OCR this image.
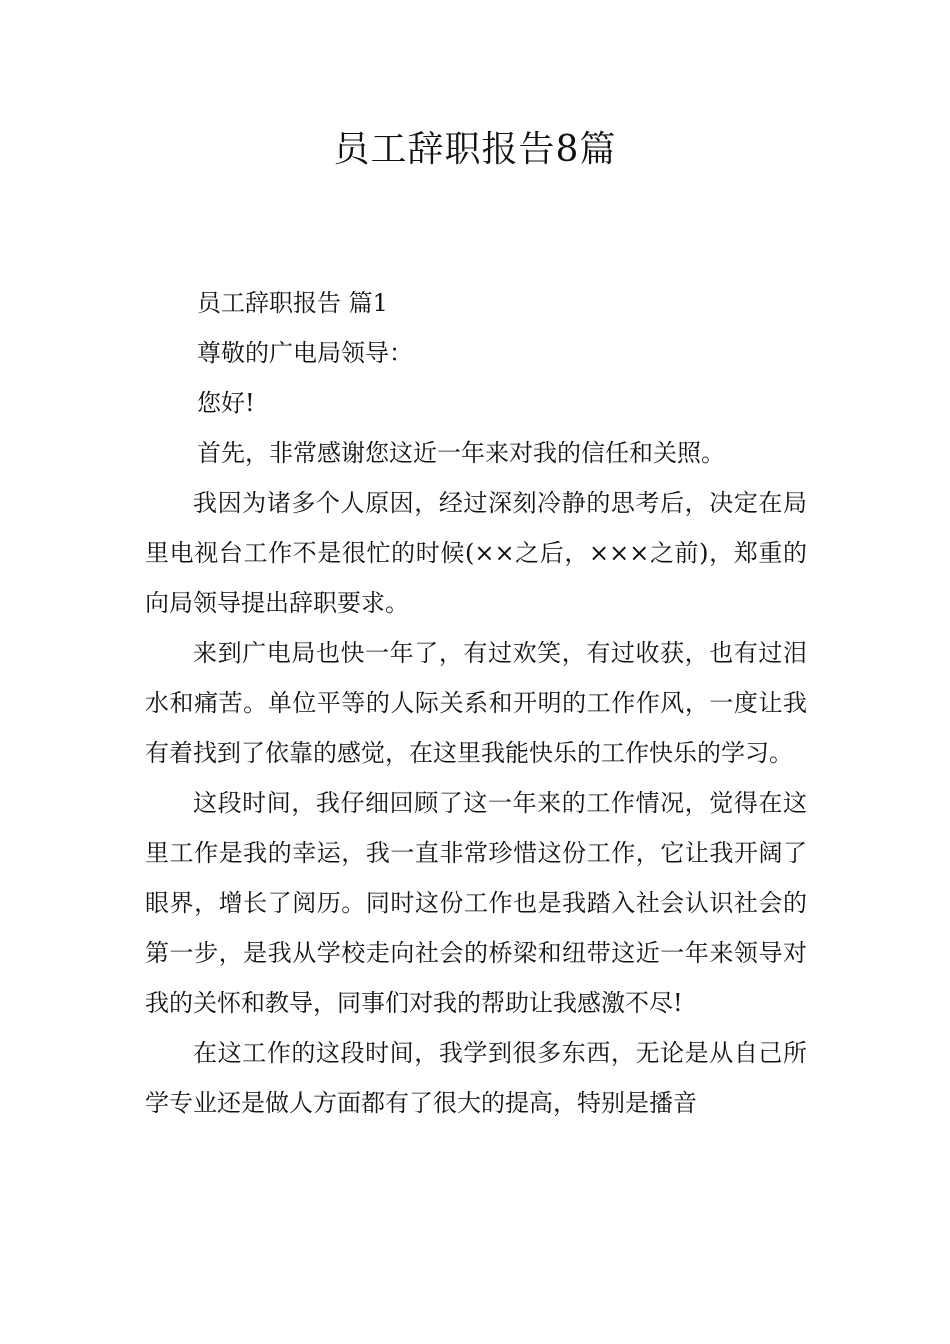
员工辞职报告8篇

员工辞职报告 篇1

尊敬的广电局领导：

您好!

首先，非常感谢您这近一年来对我的信任和关照。

我因为诸多个人原因，经过深刻冷静的思考后，决定在局里电视台工作不是很忙的时候(××之后，×××之前)，郑重的向局领导提出辞职要求。

来到广电局也快一年了，有过欢笑，有过收获，也有过泪水和痛苦。单位平等的人际关系和开明的工作作风，一度让我有着找到了依靠的感觉，在这里我能快乐的工作快乐的学习。

这段时间，我仔细回顾了这一年来的工作情况，觉得在这里工作是我的幸运，我一直非常珍惜这份工作，它让我开阔了眼界，增长了阅历。同时这份工作也是我踏入社会认识社会的第一步，是我从学校走向社会的桥梁和纽带这近一年来领导对我的关怀和教导，同事们对我的帮助让我感激不尽!

在这工作的这段时间，我学到很多东西，无论是从自己所学专业还是做人方面都有了很大的提高，特别是播音
